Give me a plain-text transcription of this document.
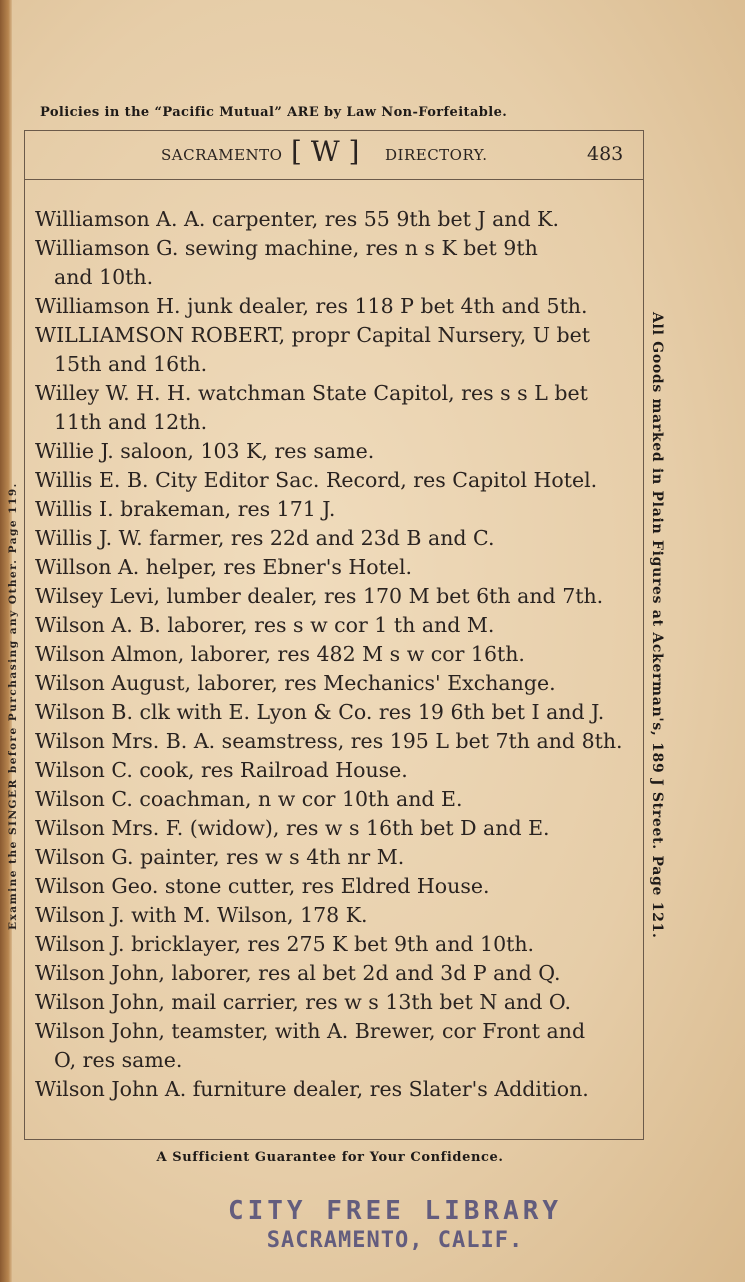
Policies in the “Pacific Mutual” ARE by Law Non-Forfeitable.
SACRAMENTO [ W ] DIRECTORY.	483
Williamson A. A. carpenter, res 55 9th bet J and K.
Williamson G. sewing machine, res n s K bet 9th
and 10th.
Williamson H. junk dealer, res 118 P bet 4th and 5th.
WILLIAMSON ROBERT, propr Capital Nursery, U bet
15th and 16th.
Willey W. H. H. watchman State Capitol, res s s L bet
11th and 12th.
Willie J. saloon, 103 K, res same.
Willis E. B. City Editor Sac. Record, res Capitol Hotel.
Willis I. brakeman, res 171 J.
Willis J. W. farmer, res 22d and 23d B and C.
Willson A. helper, res Ebner's Hotel.
Wilsey Levi, lumber dealer, res 170 M bet 6th and 7th.
Wilson A. B. laborer, res s w cor 1 th and M.
Wilson Almon, laborer, res 482 M s w cor 16th.
Wilson August, laborer, res Mechanics' Exchange.
Wilson B. clk with E. Lyon & Co. res 19 6th bet I and J.
Wilson Mrs. B. A. seamstress, res 195 L bet 7th and 8th.
Wilson C. cook, res Railroad House.
Wilson C. coachman, n w cor 10th and E.
Wilson Mrs. F. (widow), res w s 16th bet D and E.
Wilson G. painter, res w s 4th nr M.
Wilson Geo. stone cutter, res Eldred House.
Wilson J. with M. Wilson, 178 K.
Wilson J. bricklayer, res 275 K bet 9th and 10th.
Wilson John, laborer, res al bet 2d and 3d P and Q.
Wilson John, mail carrier, res w s 13th bet N and O.
Wilson John, teamster, with A. Brewer, cor Front and
O, res same.
Wilson John A. furniture dealer, res Slater's Addition.
Examine the SINGER before Purchasing any Other. Page 119.	All Goods marked in Plain Figures at Ackerman's, 189 J Street. Page 121.
A Sufficient Guarantee for Your Confidence.
CITY FREE LIBRARY
SACRAMENTO, CALIF.
